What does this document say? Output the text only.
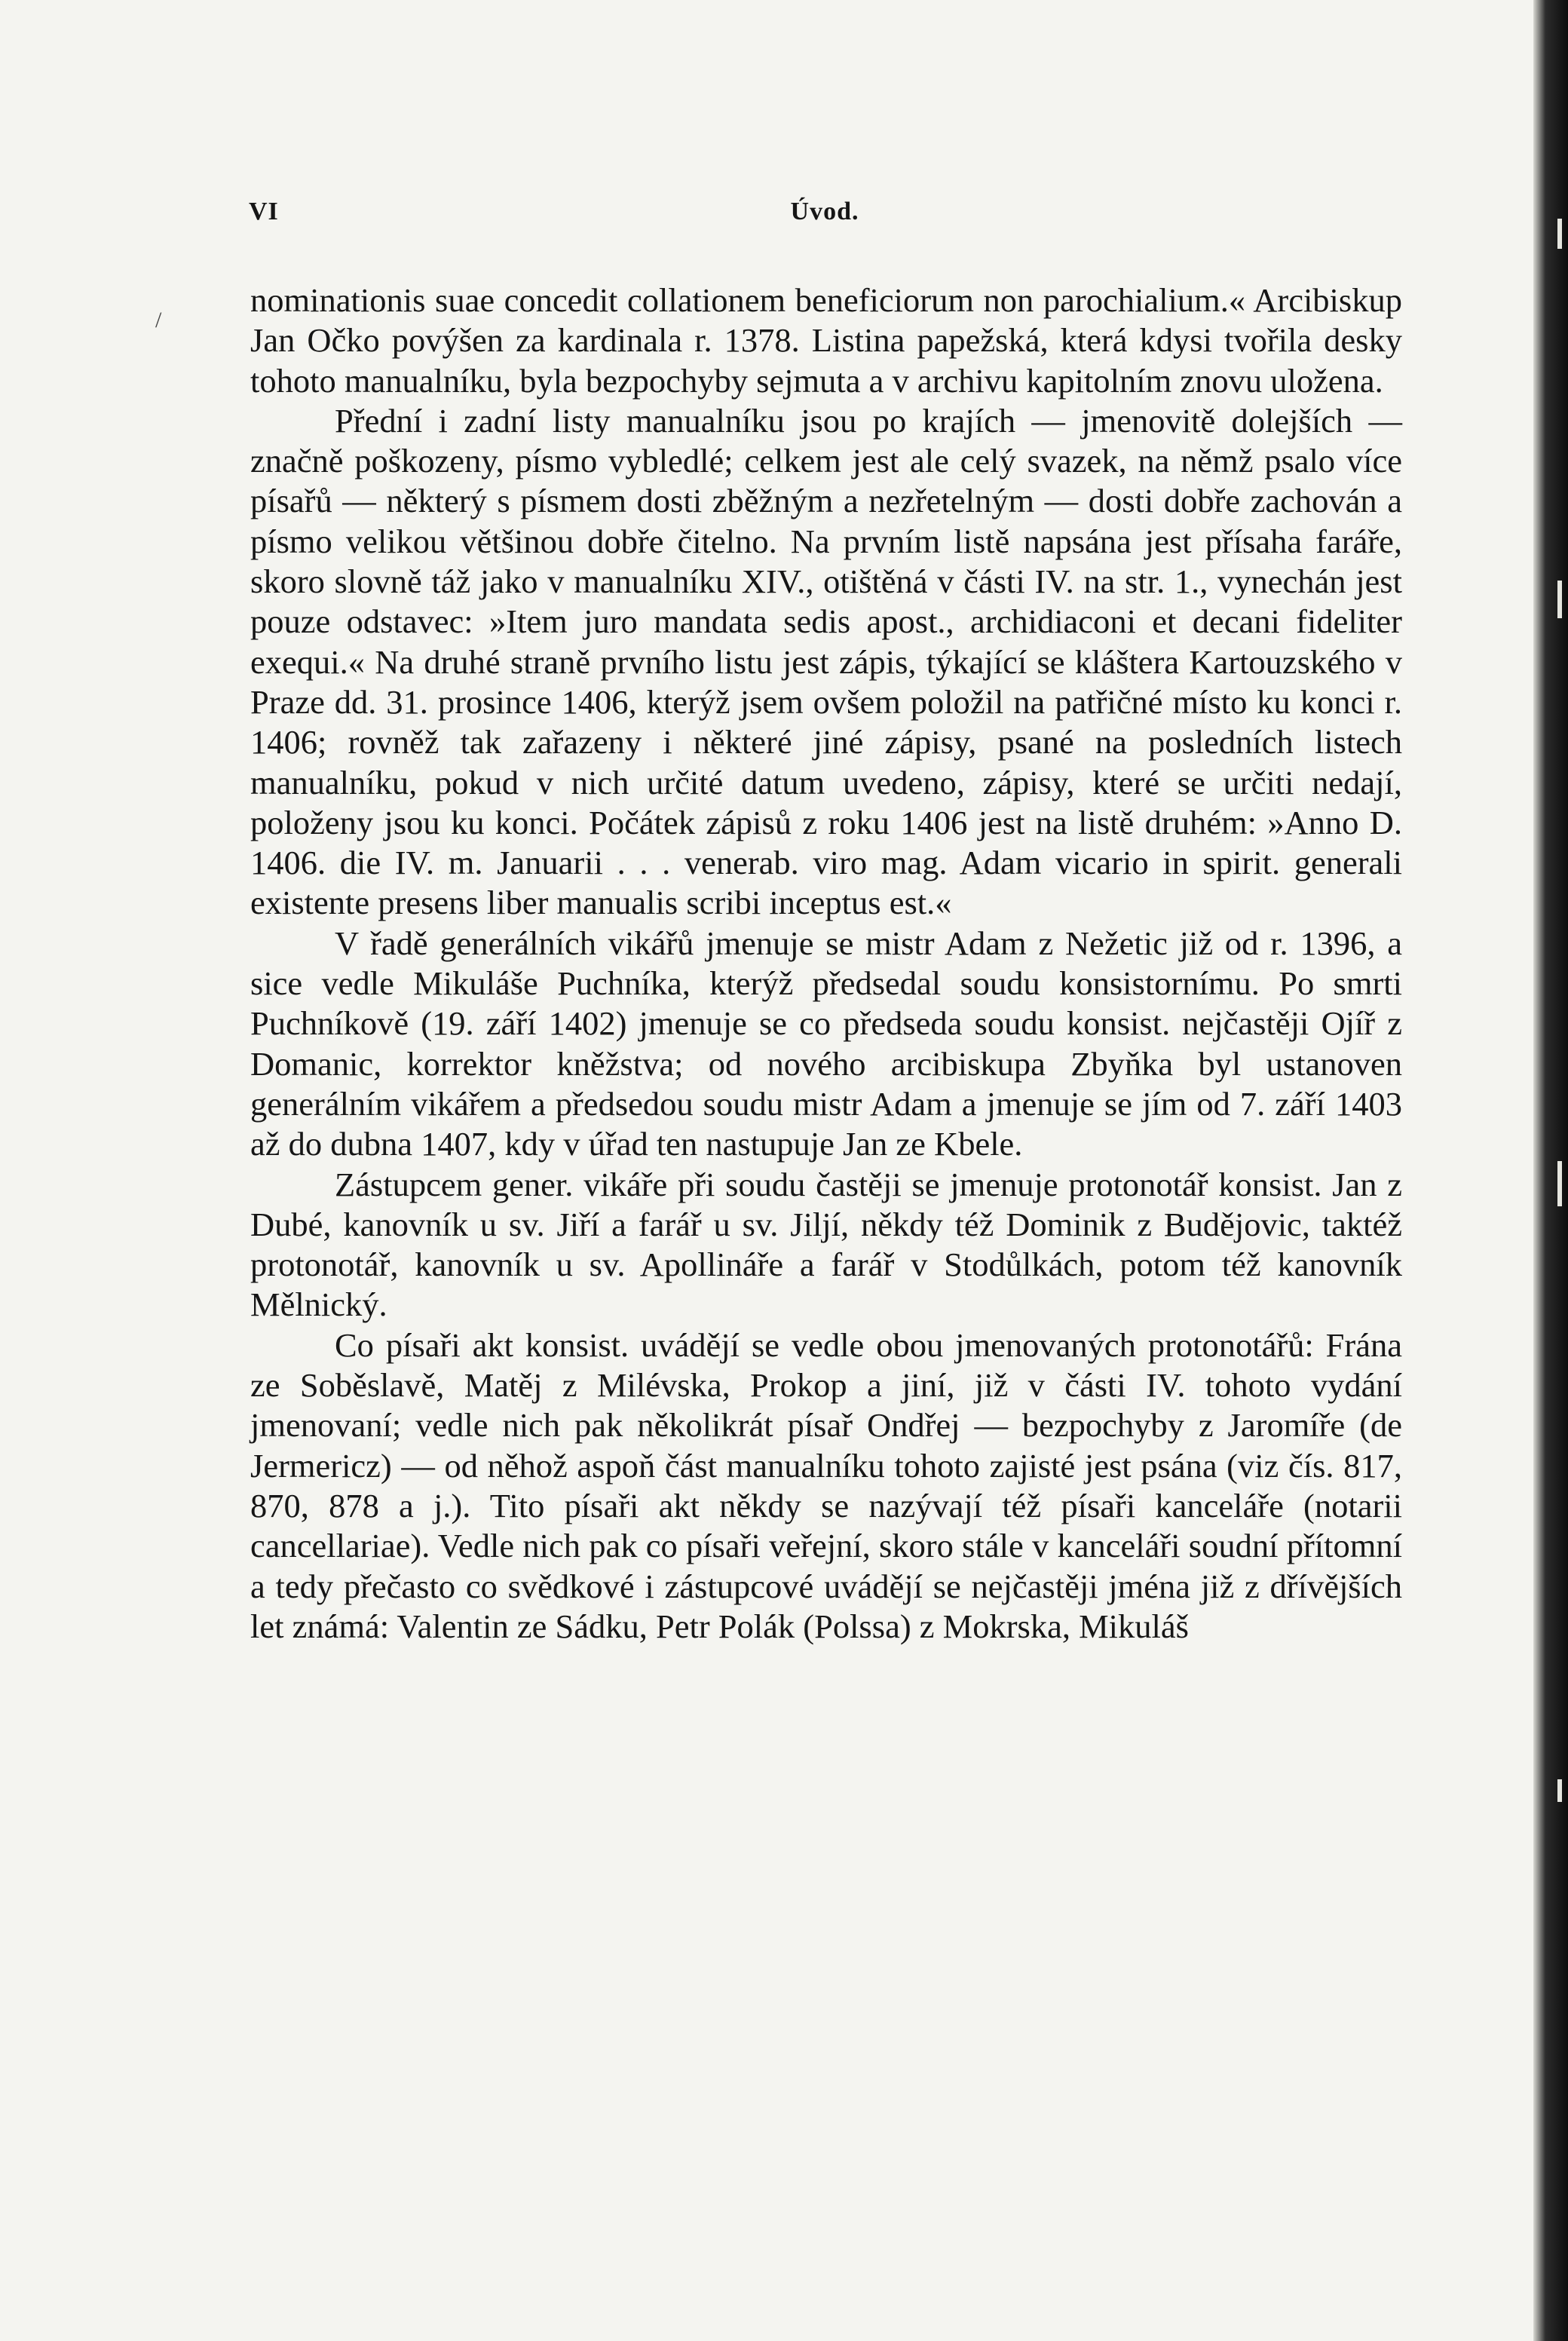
VI	Úvod.

nominationis suae concedit collationem beneficiorum non parochialium.« Arcibiskup Jan Očko povýšen za kardinala r. 1378. Listina papežská, která kdysi tvořila desky tohoto manualníku, byla bezpochyby sejmuta a v archivu kapitolním znovu uložena.

Přední i zadní listy manualníku jsou po krajích — jmenovitě dolejších — značně poškozeny, písmo vybledlé; celkem jest ale celý svazek, na němž psalo více písařů — některý s písmem dosti zběžným a nezřetelným — dosti dobře zachován a písmo velikou většinou dobře čitelno. Na prvním listě napsána jest přísaha faráře, skoro slovně táž jako v manualníku XIV., otištěná v části IV. na str. 1., vynechán jest pouze odstavec: »Item juro mandata sedis apost., archidiaconi et decani fideliter exequi.« Na druhé straně prvního listu jest zápis, týkající se kláštera Kartouzského v Praze dd. 31. prosince 1406, kterýž jsem ovšem položil na patřičné místo ku konci r. 1406; rovněž tak zařazeny i některé jiné zápisy, psané na posledních listech manualníku, pokud v nich určité datum uvedeno, zápisy, které se určiti nedají, položeny jsou ku konci. Počátek zápisů z roku 1406 jest na listě druhém: »Anno D. 1406. die IV. m. Januarii . . . venerab. viro mag. Adam vicario in spirit. generali existente presens liber manualis scribi inceptus est.«

V řadě generálních vikářů jmenuje se mistr Adam z Nežetic již od r. 1396, a sice vedle Mikuláše Puchníka, kterýž předsedal soudu konsistornímu. Po smrti Puchníkově (19. září 1402) jmenuje se co předseda soudu konsist. nejčastěji Ojíř z Domanic, korrektor kněžstva; od nového arcibiskupa Zbyňka byl ustanoven generálním vikářem a předsedou soudu mistr Adam a jmenuje se jím od 7. září 1403 až do dubna 1407, kdy v úřad ten nastupuje Jan ze Kbele.

Zástupcem gener. vikáře při soudu častěji se jmenuje protonotář konsist. Jan z Dubé, kanovník u sv. Jiří a farář u sv. Jiljí, někdy též Dominik z Budějovic, taktéž protonotář, kanovník u sv. Apollináře a farář v Stodůlkách, potom též kanovník Mělnický.

Co písaři akt konsist. uvádějí se vedle obou jmenovaných protonotářů: Frána ze Soběslavě, Matěj z Milévska, Prokop a jiní, již v části IV. tohoto vydání jmenovaní; vedle nich pak několikrát písař Ondřej — bezpochyby z Jaromíře (de Jermericz) — od něhož aspoň část manualníku tohoto zajisté jest psána (viz čís. 817, 870, 878 a j.). Tito písaři akt někdy se nazývají též písaři kanceláře (notarii cancellariae). Vedle nich pak co písaři veřejní, skoro stále v kanceláři soudní přítomní a tedy přečasto co svědkové i zástupcové uvádějí se nejčastěji jména již z dřívějších let známá: Valentin ze Sádku, Petr Polák (Polssa) z Mokrska, Mikuláš

/
